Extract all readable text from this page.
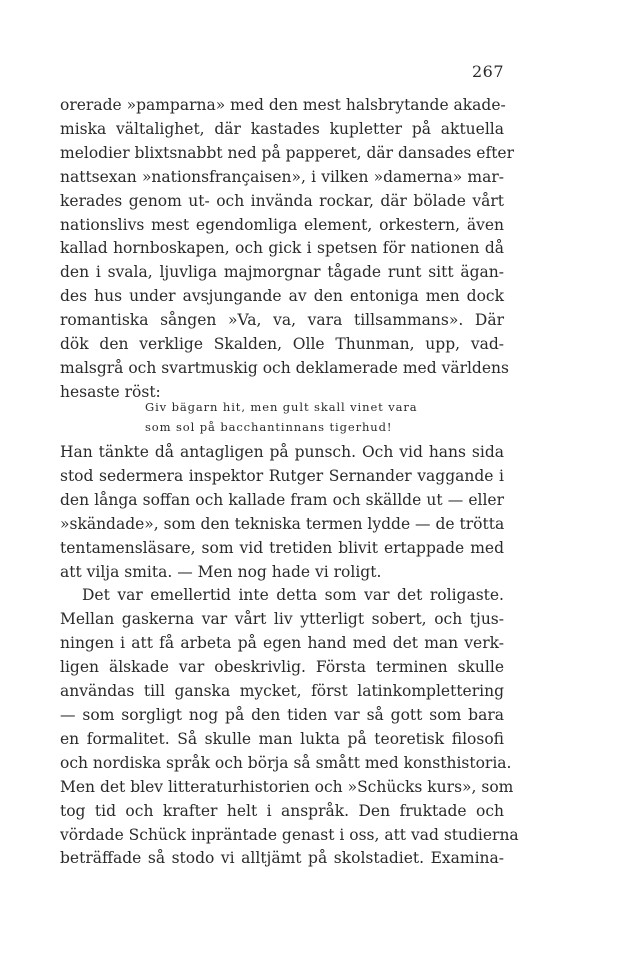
267
orerade »pamparna» med den mest halsbrytande akade-
miska vältalighet, där kastades kupletter på aktuella
melodier blixtsnabbt ned på papperet, där dansades efter
nattsexan »nationsfrançaisen», i vilken »damerna» mar-
kerades genom ut- och invända rockar, där bölade vårt
nationslivs mest egendomliga element, orkestern, även
kallad hornboskapen, och gick i spetsen för nationen då
den i svala, ljuvliga majmorgnar tågade runt sitt ägan-
des hus under avsjungande av den entoniga men dock
romantiska sången »Va, va, vara tillsammans». Där
dök den verklige Skalden, Olle Thunman, upp, vad-
malsgrå och svartmuskig och deklamerade med världens
hesaste röst:
Giv bägarn hit, men gult skall vinet vara
som sol på bacchantinnans tigerhud!
Han tänkte då antagligen på punsch. Och vid hans sida
stod sedermera inspektor Rutger Sernander vaggande i
den långa soffan och kallade fram och skällde ut — eller
»skändade», som den tekniska termen lydde — de trötta
tentamensläsare, som vid tretiden blivit ertappade med
att vilja smita. — Men nog hade vi roligt.
Det var emellertid inte detta som var det roligaste.
Mellan gaskerna var vårt liv ytterligt sobert, och tjus-
ningen i att få arbeta på egen hand med det man verk-
ligen älskade var obeskrivlig. Första terminen skulle
användas till ganska mycket, först latinkomplettering
— som sorgligt nog på den tiden var så gott som bara
en formalitet. Så skulle man lukta på teoretisk filosofi
och nordiska språk och börja så smått med konsthistoria.
Men det blev litteraturhistorien och »Schücks kurs», som
tog tid och krafter helt i anspråk. Den fruktade och
vördade Schück inpräntade genast i oss, att vad studierna
beträffade så stodo vi alltjämt på skolstadiet. Examina-
